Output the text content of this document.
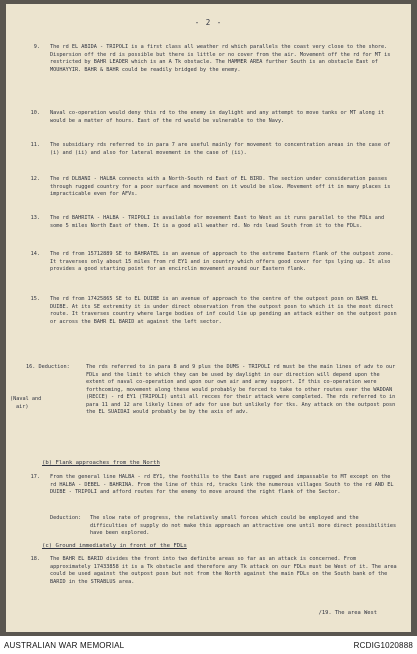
- 2 -
9. The rd EL ABIDA - TRIPOLI is a first class all weather rd which parallels the coast very close to the shore. Dispersion off the rd is possible but there is little or no cover from the air. Movement off the rd for MT is restricted by BAHR LEADER which is an A Tk obstacle. The HAMMER AREA further South is an obstacle East of MOUHAYYIR. BAHR & BAHR could be readily bridged by the enemy.
10. Naval co-operation would deny this rd to the enemy in daylight and any attempt to move tanks or MT along it would be a matter of hours. East of the rd would be vulnerable to the Navy.
11. The subsidiary rds referred to in para 7 are useful mainly for movement to concentration areas in the case of (i) and (ii) and also for lateral movement in the case of (ii).
12. The rd DLBANI - HALBA connects with a North-South rd East of EL BIRD. The section under consideration passes through rugged country for a poor surface and movement on it would be slow. Movement off it in many places is impracticable even for AFVs.
13. The rd BAHRITA - HALBA - TRIPOLI is available for movement East to West as it runs parallel to the FDLs and some 5 miles North East of them. It is a good all weather rd. No rds lead South from it to the FDLs.
14. The rd from 15712889 SE to BAHRATEL is an avenue of approach to the extreme Eastern flank of the outpost zone. It traverses only about 15 miles from rd EY1 and in country which offers good cover for tps lying up. It also provides a good starting point for an encirclin movement around our Eastern flank.
15. The rd from 17425865 SE to EL DUIBE is an avenue of approach to the centre of the outpost posn on BAHR EL DUIBE. At its SE extremity it is under direct observation from the outpost posn to which it is the most direct route. It traverses country where large bodies of inf could lie up pending an attack either on the outpost posn or across the BAHR EL BARID at against the left sector.
16. Deduction:	The rds referred to in para 8 and 9 plus the DUMS - TRIPOLI rd must be the main lines of adv to our FDLs and the limit to which they can be used by daylight in our direction will depend upon the extent of naval co-operation and upon our own air and army support. If this co-operation were forthcoming, movement along these would probably be forced to take to other routes over the WADDAN (RECCE) - rd EY1 (TRIPOLI) until all recces for their attack were completed. The rds referred to in para 11 and 12 are likely lines of adv for use but unlikely for tks. Any attack on the outpost posn the EL SUAIDAI would probably be by the axis of adv.
(Naval and
air)
(b) Flank approaches from the North
17. From the general line HALBA - rd EY1, the foothills to the East are rugged and impassable to MT except on the rd HALBA - DEBEL - BAHRINA. From the line of this rd, tracks link the numerous villages South to the rd AND EL DUIBE - TRIPOLI and afford routes for the enemy to move around the right flank of the Sector.
Deduction:	The slow rate of progress, the relatively small forces which could be employed and the difficulties of supply do not make this approach an attractive one until more direct possibilities have been explored.
(c) Ground immediately in front of the FDLs
18. The BAHR EL BARID divides the front into two definite areas so far as an attack is concerned. From approximately 17433858 it is a Tk obstacle and therefore any Tk attack on our FDLs must be West of it. The area could be used against the outpost posn but not from the North against the main FDLs on the South bank of the BARID in the STRABLUS area.
/19. The area West
AUSTRALIAN WAR MEMORIAL	RCDIG1020888
